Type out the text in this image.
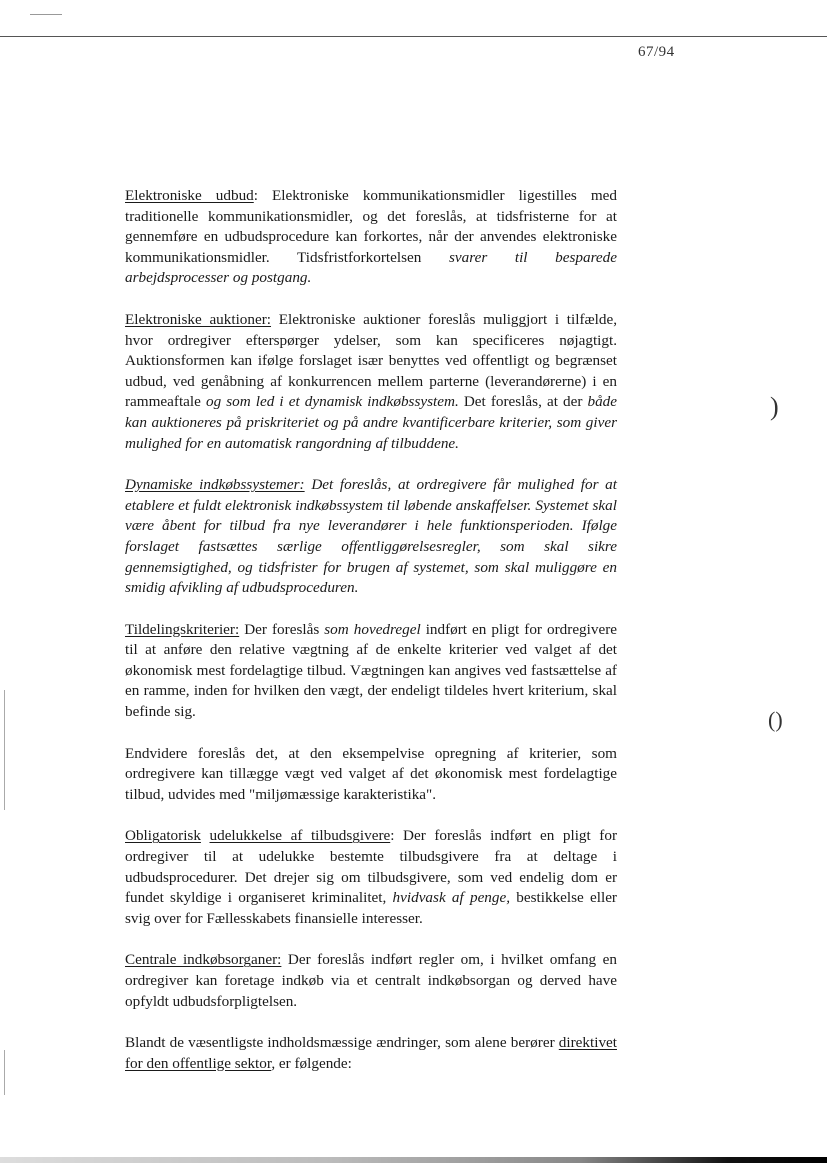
67/94
)
()

Elektroniske udbud: Elektroniske kommunikationsmidler ligestilles med traditionelle kommunikationsmidler, og det foreslås, at tidsfristerne for at gennemføre en udbudsprocedure kan forkortes, når der anvendes elektroniske kommunikationsmidler. Tidsfristforkortelsen svarer til besparede arbejdsprocesser og postgang.

Elektroniske auktioner: Elektroniske auktioner foreslås muliggjort i tilfælde, hvor ordregiver efterspørger ydelser, som kan specificeres nøjagtigt. Auktionsformen kan ifølge forslaget især benyttes ved offentligt og begrænset udbud, ved genåbning af konkurrencen mellem parterne (leverandørerne) i en rammeaftale og som led i et dynamisk indkøbssystem. Det foreslås, at der både kan auktioneres på priskriteriet og på andre kvantificerbare kriterier, som giver mulighed for en automatisk rangordning af tilbuddene.

Dynamiske indkøbssystemer: Det foreslås, at ordregivere får mulighed for at etablere et fuldt elektronisk indkøbssystem til løbende anskaffelser. Systemet skal være åbent for tilbud fra nye leverandører i hele funktionsperioden. Ifølge forslaget fastsættes særlige offentliggørelsesregler, som skal sikre gennemsigtighed, og tidsfrister for brugen af systemet, som skal muliggøre en smidig afvikling af udbudsproceduren.

Tildelingskriterier: Der foreslås som hovedregel indført en pligt for ordregivere til at anføre den relative vægtning af de enkelte kriterier ved valget af det økonomisk mest fordelagtige tilbud. Vægtningen kan angives ved fastsættelse af en ramme, inden for hvilken den vægt, der endeligt tildeles hvert kriterium, skal befinde sig.

Endvidere foreslås det, at den eksempelvise opregning af kriterier, som ordregivere kan tillægge vægt ved valget af det økonomisk mest fordelagtige tilbud, udvides med "miljømæssige karakteristika".

Obligatorisk udelukkelse af tilbudsgivere: Der foreslås indført en pligt for ordregiver til at udelukke bestemte tilbudsgivere fra at deltage i udbudsprocedurer. Det drejer sig om tilbudsgivere, som ved endelig dom er fundet skyldige i organiseret kriminalitet, hvidvask af penge, bestikkelse eller svig over for Fællesskabets finansielle interesser.

Centrale indkøbsorganer: Der foreslås indført regler om, i hvilket omfang en ordregiver kan foretage indkøb via et centralt indkøbsorgan og derved have opfyldt udbudsforpligtelsen.

Blandt de væsentligste indholdsmæssige ændringer, som alene berører direktivet for den offentlige sektor, er følgende:
